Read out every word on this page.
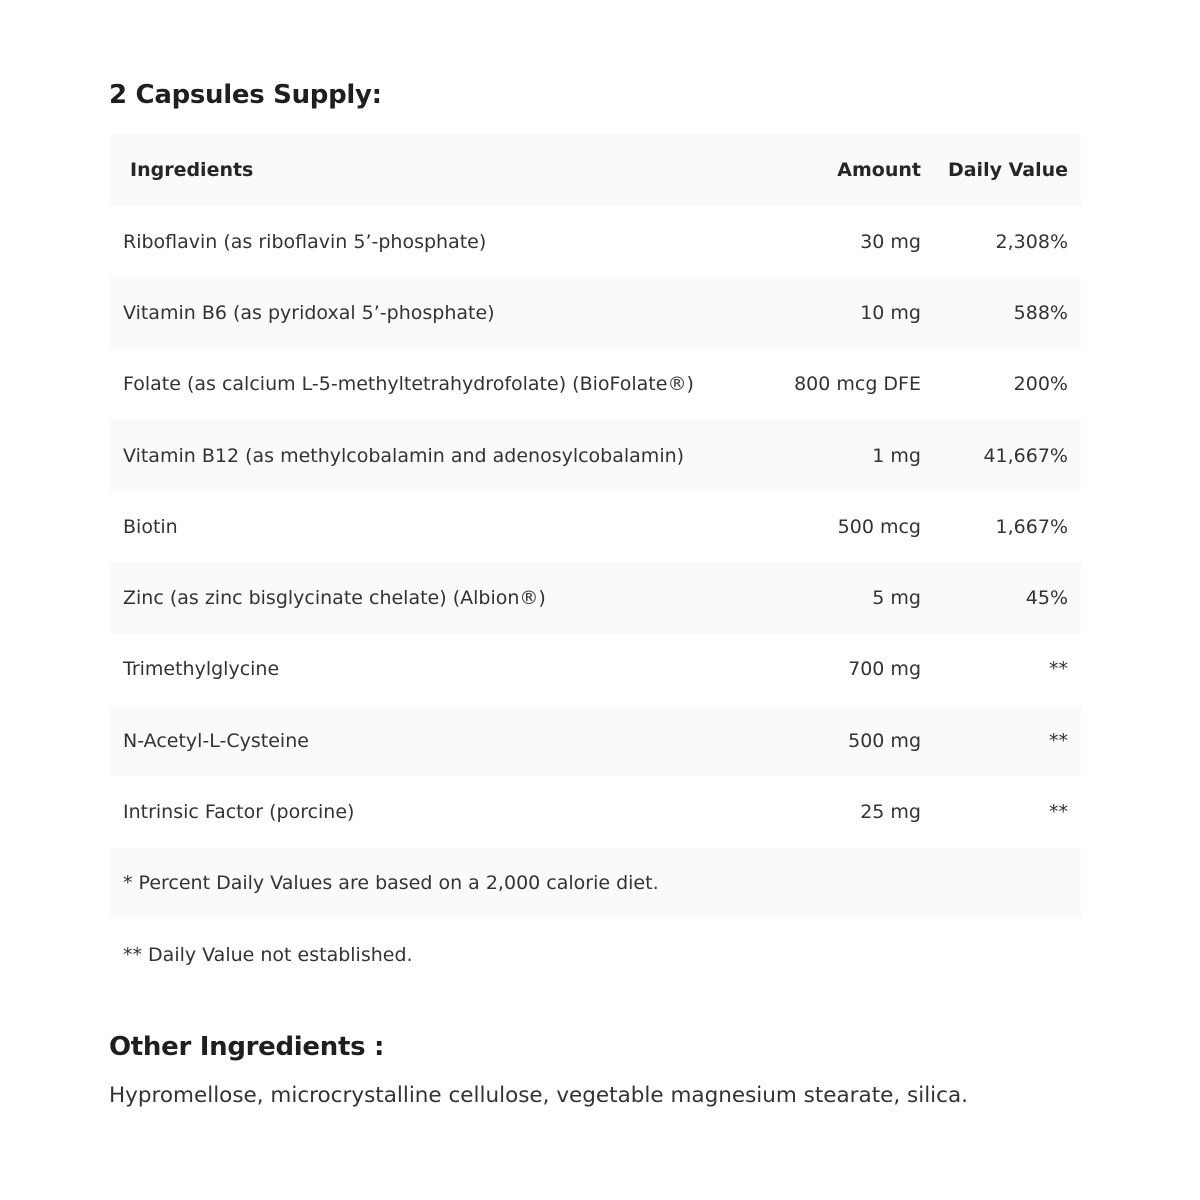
2 Capsules Supply:
Ingredients	Amount	Daily Value
Riboflavin (as riboflavin 5’-phosphate)	30 mg	2,308%
Vitamin B6 (as pyridoxal 5’-phosphate)	10 mg	588%
Folate (as calcium L-5-methyltetrahydrofolate) (BioFolate®)	800 mcg DFE	200%
Vitamin B12 (as methylcobalamin and adenosylcobalamin)	1 mg	41,667%
Biotin	500 mcg	1,667%
Zinc (as zinc bisglycinate chelate) (Albion®)	5 mg	45%
Trimethylglycine	700 mg	**
N-Acetyl-L-Cysteine	500 mg	**
Intrinsic Factor (porcine)	25 mg	**
* Percent Daily Values are based on a 2,000 calorie diet.
** Daily Value not established.
Other Ingredients :

Hypromellose, microcrystalline cellulose, vegetable magnesium stearate, silica.
